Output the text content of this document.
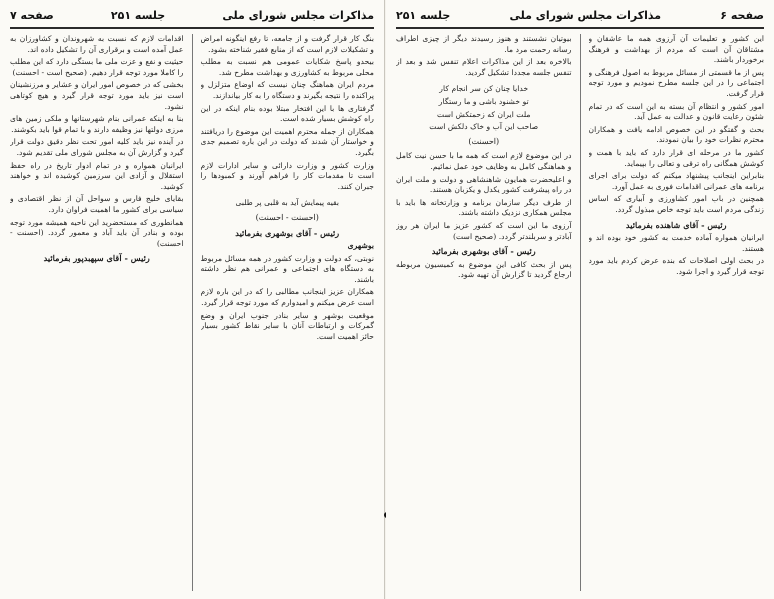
مذاکرات مجلس شورای ملی
جلسه ۲۵۱
صفحه ۷

بنگ کار قرار گرفت و از جامعه، تا رفع اینگونه امراض و تشکیلات لازم است که از منابع فقیر شناخته بشود.

بیحدو پاسخ شکایات عمومی هم نسبت به مطلب محلی مربوط به کشاورزی و بهداشت مطرح شد.

مردم ایران هماهنگ چنان نیست که اوضاع متزلزل و پراکنده را نتیجه بگیرند و دستگاه را به کار بیاندازند.

گرفتاری ها با این افتخار مبتلا بوده بنام اینکه در این راه کوشش بسیار شده است.

همکاران از جمله محترم اهمیت این موضوع را دریافتند و خواستار آن شدند که دولت در این باره تصمیم جدی بگیرد.

وزارت کشور و وزارت دارائی و سایر ادارات لازم است تا مقدمات کار را فراهم آورند و کمبودها را جبران کنند.

بقیه پیمایش آید به قلبی پر طلبی
(احسنت - احسنت)
رئیس - آقای بوشهری بفرمائید

بوشهری

نوبتی، که دولت و وزارت کشور در همه مسائل مربوط به دستگاه های اجتماعی و عمرانی هم نظر داشته باشند.

همکاران عزیز اینجانب مطالبی را که در این باره لازم است عرض میکنم و امیدوارم که مورد توجه قرار گیرد.

موقعیت بوشهر و سایر بنادر جنوب ایران و وضع گمرکات و ارتباطات آنان با سایر نقاط کشور بسیار حائز اهمیت است.

اقدامات لازم که نسبت به شهروندان و کشاورزان به عمل آمده است و برقراری آن را تشکیل داده اند.

حیثیت و نفع و عزت ملی ما بستگی دارد که این مطلب را کاملا مورد توجه قرار دهیم. (صحیح است - احسنت)

بخشی که در خصوص امور ایران و عشایر و مرزنشینان است نیز باید مورد توجه قرار گیرد و هیچ کوتاهی نشود.

بنا به اینکه عمرانی بنام شهرستانها و ملکی زمین های مرزی دولتها نیز وظیفه دارند و با تمام قوا باید بکوشند.

در آینده نیز باید کلیه امور تحت نظر دقیق دولت قرار گیرد و گزارش آن به مجلس شورای ملی تقدیم شود.

ایرانیان همواره و در تمام ادوار تاریخ در راه حفظ استقلال و آزادی این سرزمین کوشیده اند و خواهند کوشید.

بقایای خلیج فارس و سواحل آن از نظر اقتصادی و سیاسی برای کشور ما اهمیت فراوان دارد.

همانطوری که مستحضرید این ناحیه همیشه مورد توجه بوده و بنادر آن باید آباد و معمور گردد. (احسنت - احسنت)

رئیس - آقای سپهبدپور بفرمائید
صفحه ۶
مذاکرات مجلس شورای ملی
جلسه ۲۵۱

این کشور و تعلیمات آن آرزوی همه ما عاشقان و مشتاقان آن است که مردم از بهداشت و فرهنگ برخوردار باشند.

پس از ما قسمتی از مسائل مربوط به اصول فرهنگی و اجتماعی را در این جلسه مطرح نمودیم و مورد توجه قرار گرفت.

امور کشور و انتظام آن بسته به این است که در تمام شئون رعایت قانون و عدالت به عمل آید.

بحث و گفتگو در این خصوص ادامه یافت و همکاران محترم نظرات خود را بیان نمودند.

کشور ما در مرحله ای قرار دارد که باید با همت و کوشش همگانی راه ترقی و تعالی را بپیماید.

بنابراین اینجانب پیشنهاد میکنم که دولت برای اجرای برنامه های عمرانی اقدامات فوری به عمل آورد.

همچنین در باب امور کشاورزی و آبیاری که اساس زندگی مردم است باید توجه خاص مبذول گردد.

رئیس - آقای شاهنده بفرمائید

ایرانیان همواره آماده خدمت به کشور خود بوده اند و هستند.

در بحث اولی اصلاحات که بنده عرض کردم باید مورد توجه قرار گیرد و اجرا شود.

بیوتیان نشستند و هنوز رسیدند دیگر از چیزی اطراف رسانه رحمت مرد ما.

بالاخره بعد از این مذاکرات اعلام تنفس شد و بعد از تنفس جلسه مجددا تشکیل گردید.

خدایا چنان کن سر انجام کار
تو خشنود باشی و ما رستگار
ملت ایران که زحمتکش است
صاحب این آب و خاک دلکش است
(احسنت)

در این موضوع لازم است که همه ما با حسن نیت کامل و هماهنگی کامل به وظایف خود عمل نمائیم.

و اعلیحضرت همایون شاهنشاهی و دولت و ملت ایران در راه پیشرفت کشور یکدل و یکزبان هستند.

از طرف دیگر سازمان برنامه و وزارتخانه ها باید با مجلس همکاری نزدیک داشته باشند.

آرزوی ما این است که کشور عزیز ما ایران هر روز آبادتر و سربلندتر گردد. (صحیح است)

رئیس - آقای بوشهری بفرمائید

پس از بحث کافی این موضوع به کمیسیون مربوطه ارجاع گردید تا گزارش آن تهیه شود.
